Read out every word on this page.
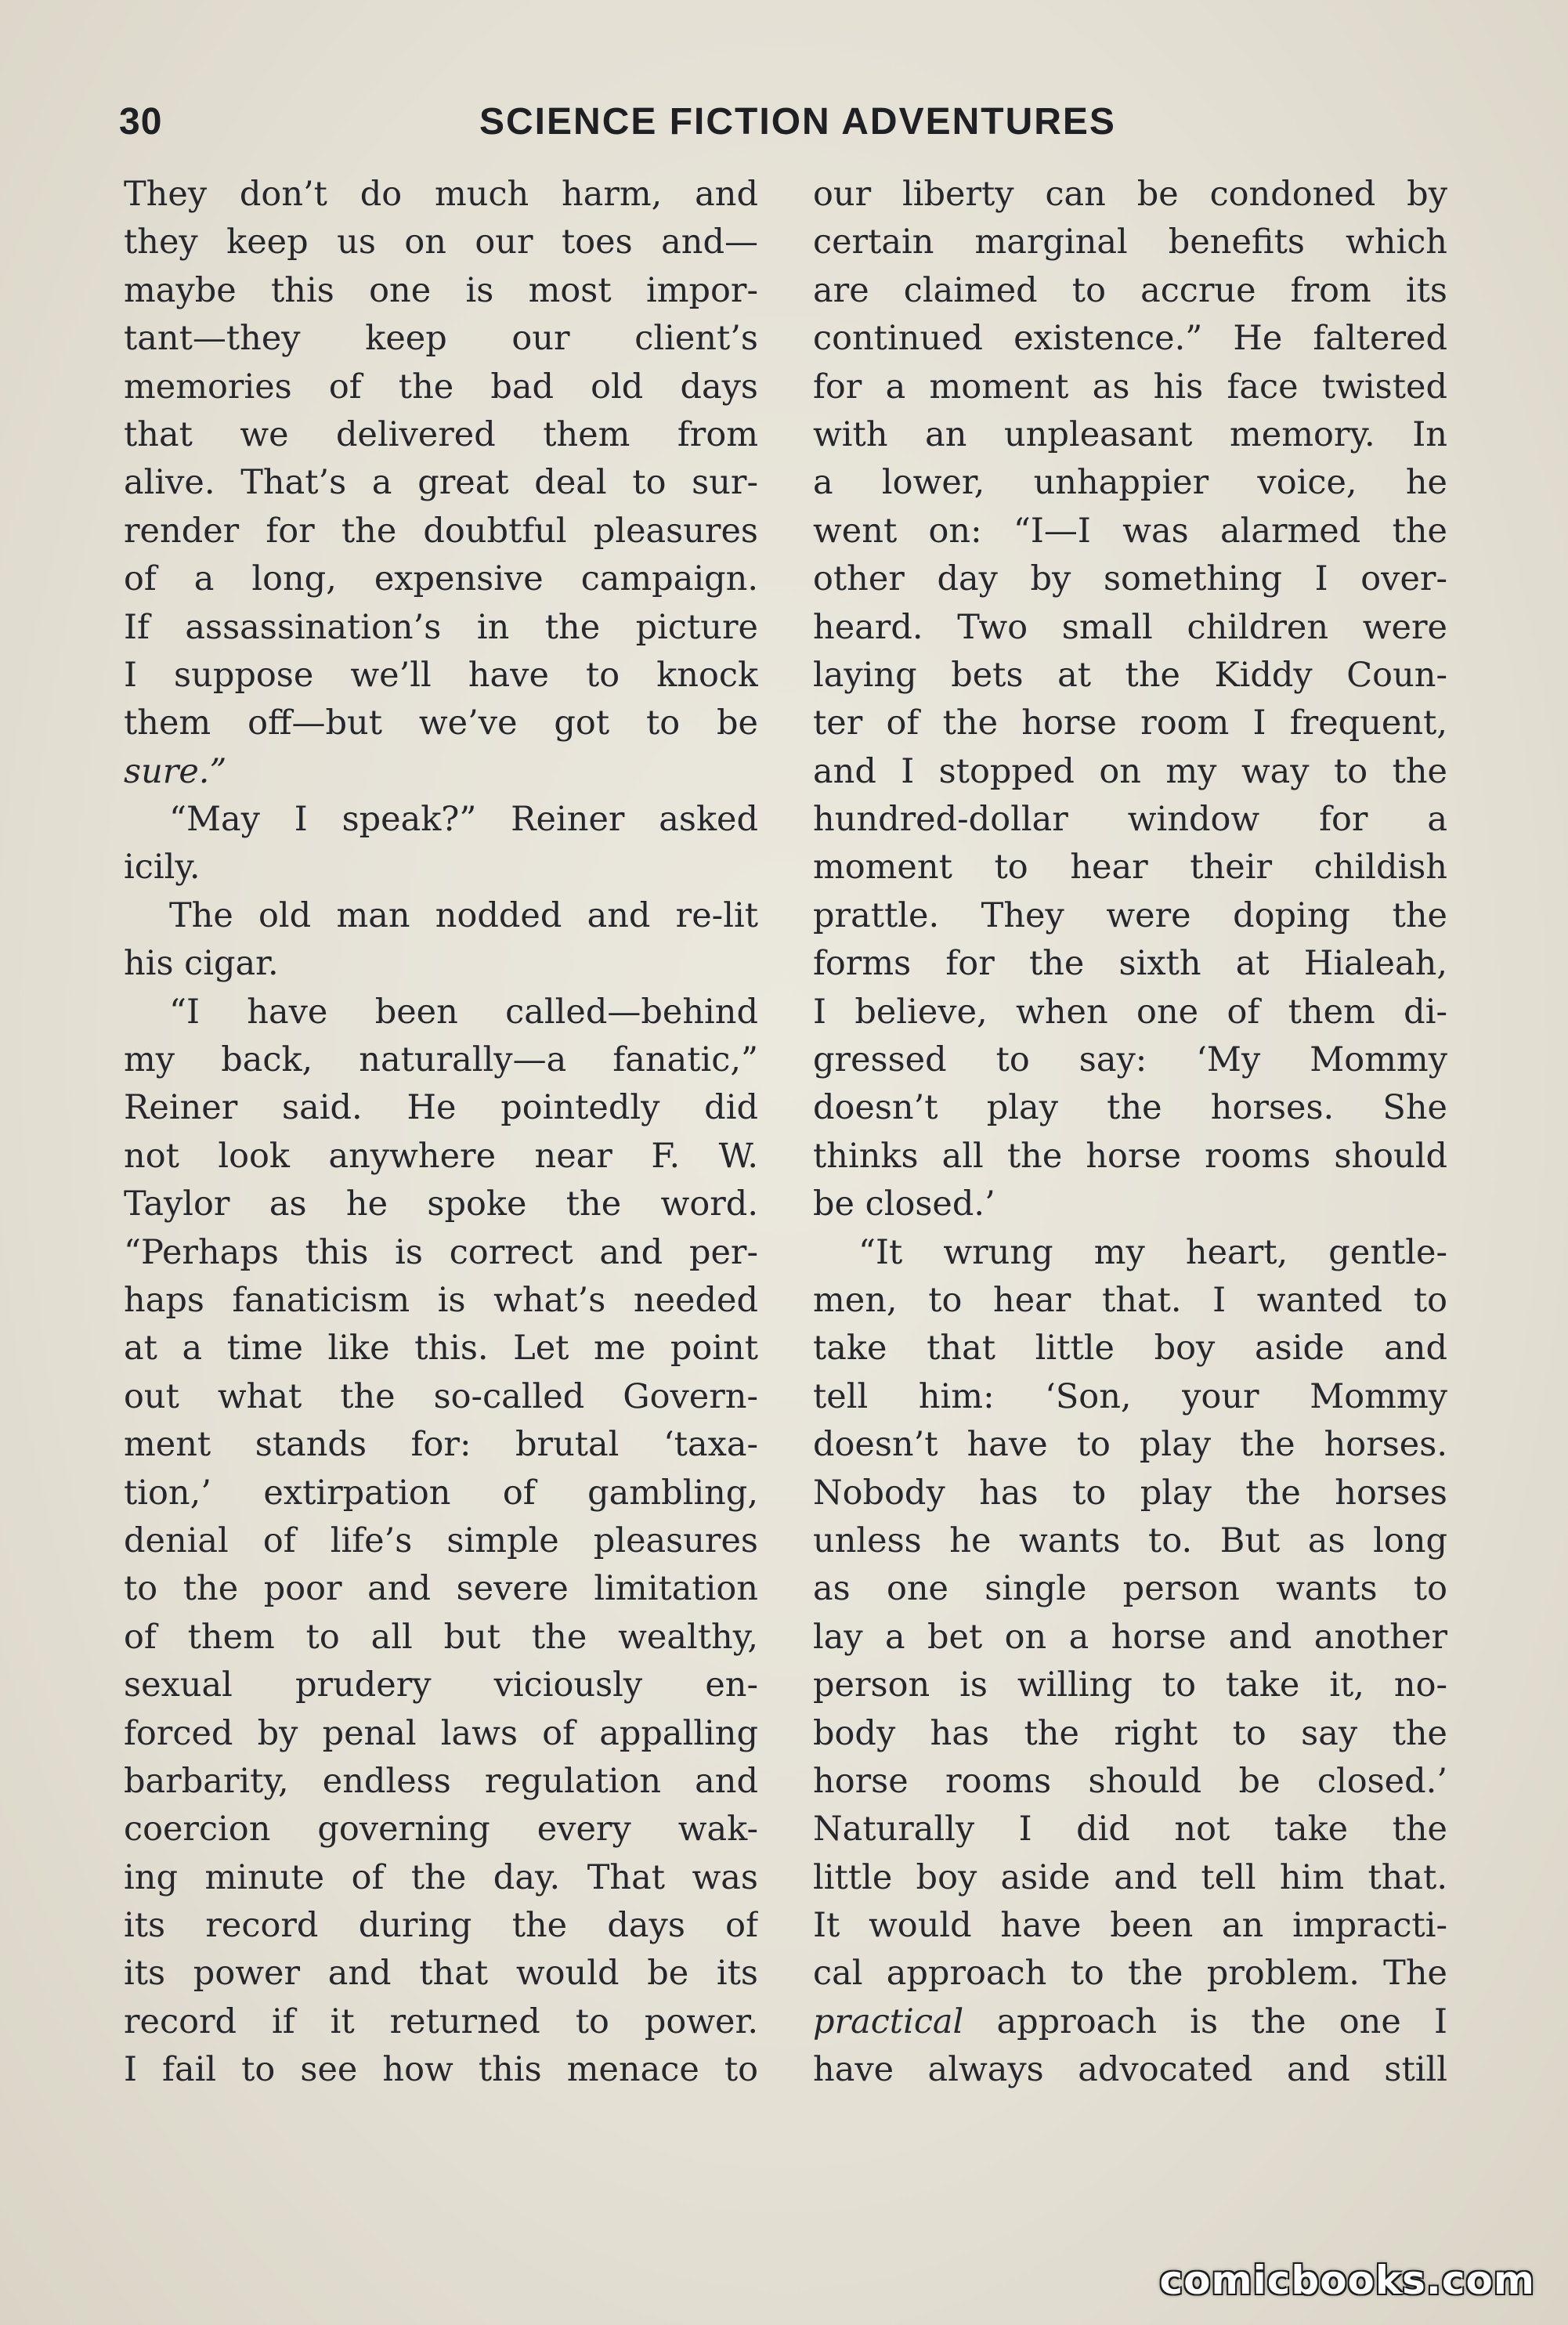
30	SCIENCE FICTION ADVENTURES
They don’t do much harm, and
they keep us on our toes and—
maybe this one is most impor-
tant—they keep our client’s
memories of the bad old days
that we delivered them from
alive. That’s a great deal to sur-
render for the doubtful pleasures
of a long, expensive campaign.
If assassination’s in the picture
I suppose we’ll have to knock
them off—but we’ve got to be
sure.”
“May I speak?” Reiner asked
icily.
The old man nodded and re-lit
his cigar.
“I have been called—behind
my back, naturally—a fanatic,”
Reiner said. He pointedly did
not look anywhere near F. W.
Taylor as he spoke the word.
“Perhaps this is correct and per-
haps fanaticism is what’s needed
at a time like this. Let me point
out what the so-called Govern-
ment stands for: brutal ‘taxa-
tion,’ extirpation of gambling,
denial of life’s simple pleasures
to the poor and severe limitation
of them to all but the wealthy,
sexual prudery viciously en-
forced by penal laws of appalling
barbarity, endless regulation and
coercion governing every wak-
ing minute of the day. That was
its record during the days of
its power and that would be its
record if it returned to power.
I fail to see how this menace to
our liberty can be condoned by
certain marginal benefits which
are claimed to accrue from its
continued existence.” He faltered
for a moment as his face twisted
with an unpleasant memory. In
a lower, unhappier voice, he
went on: “I—I was alarmed the
other day by something I over-
heard. Two small children were
laying bets at the Kiddy Coun-
ter of the horse room I frequent,
and I stopped on my way to the
hundred-dollar window for a
moment to hear their childish
prattle. They were doping the
forms for the sixth at Hialeah,
I believe, when one of them di-
gressed to say: ‘My Mommy
doesn’t play the horses. She
thinks all the horse rooms should
be closed.’
“It wrung my heart, gentle-
men, to hear that. I wanted to
take that little boy aside and
tell him: ‘Son, your Mommy
doesn’t have to play the horses.
Nobody has to play the horses
unless he wants to. But as long
as one single person wants to
lay a bet on a horse and another
person is willing to take it, no-
body has the right to say the
horse rooms should be closed.’
Naturally I did not take the
little boy aside and tell him that.
It would have been an impracti-
cal approach to the problem. The
practical approach is the one I
have always advocated and still
comicbooks.com
